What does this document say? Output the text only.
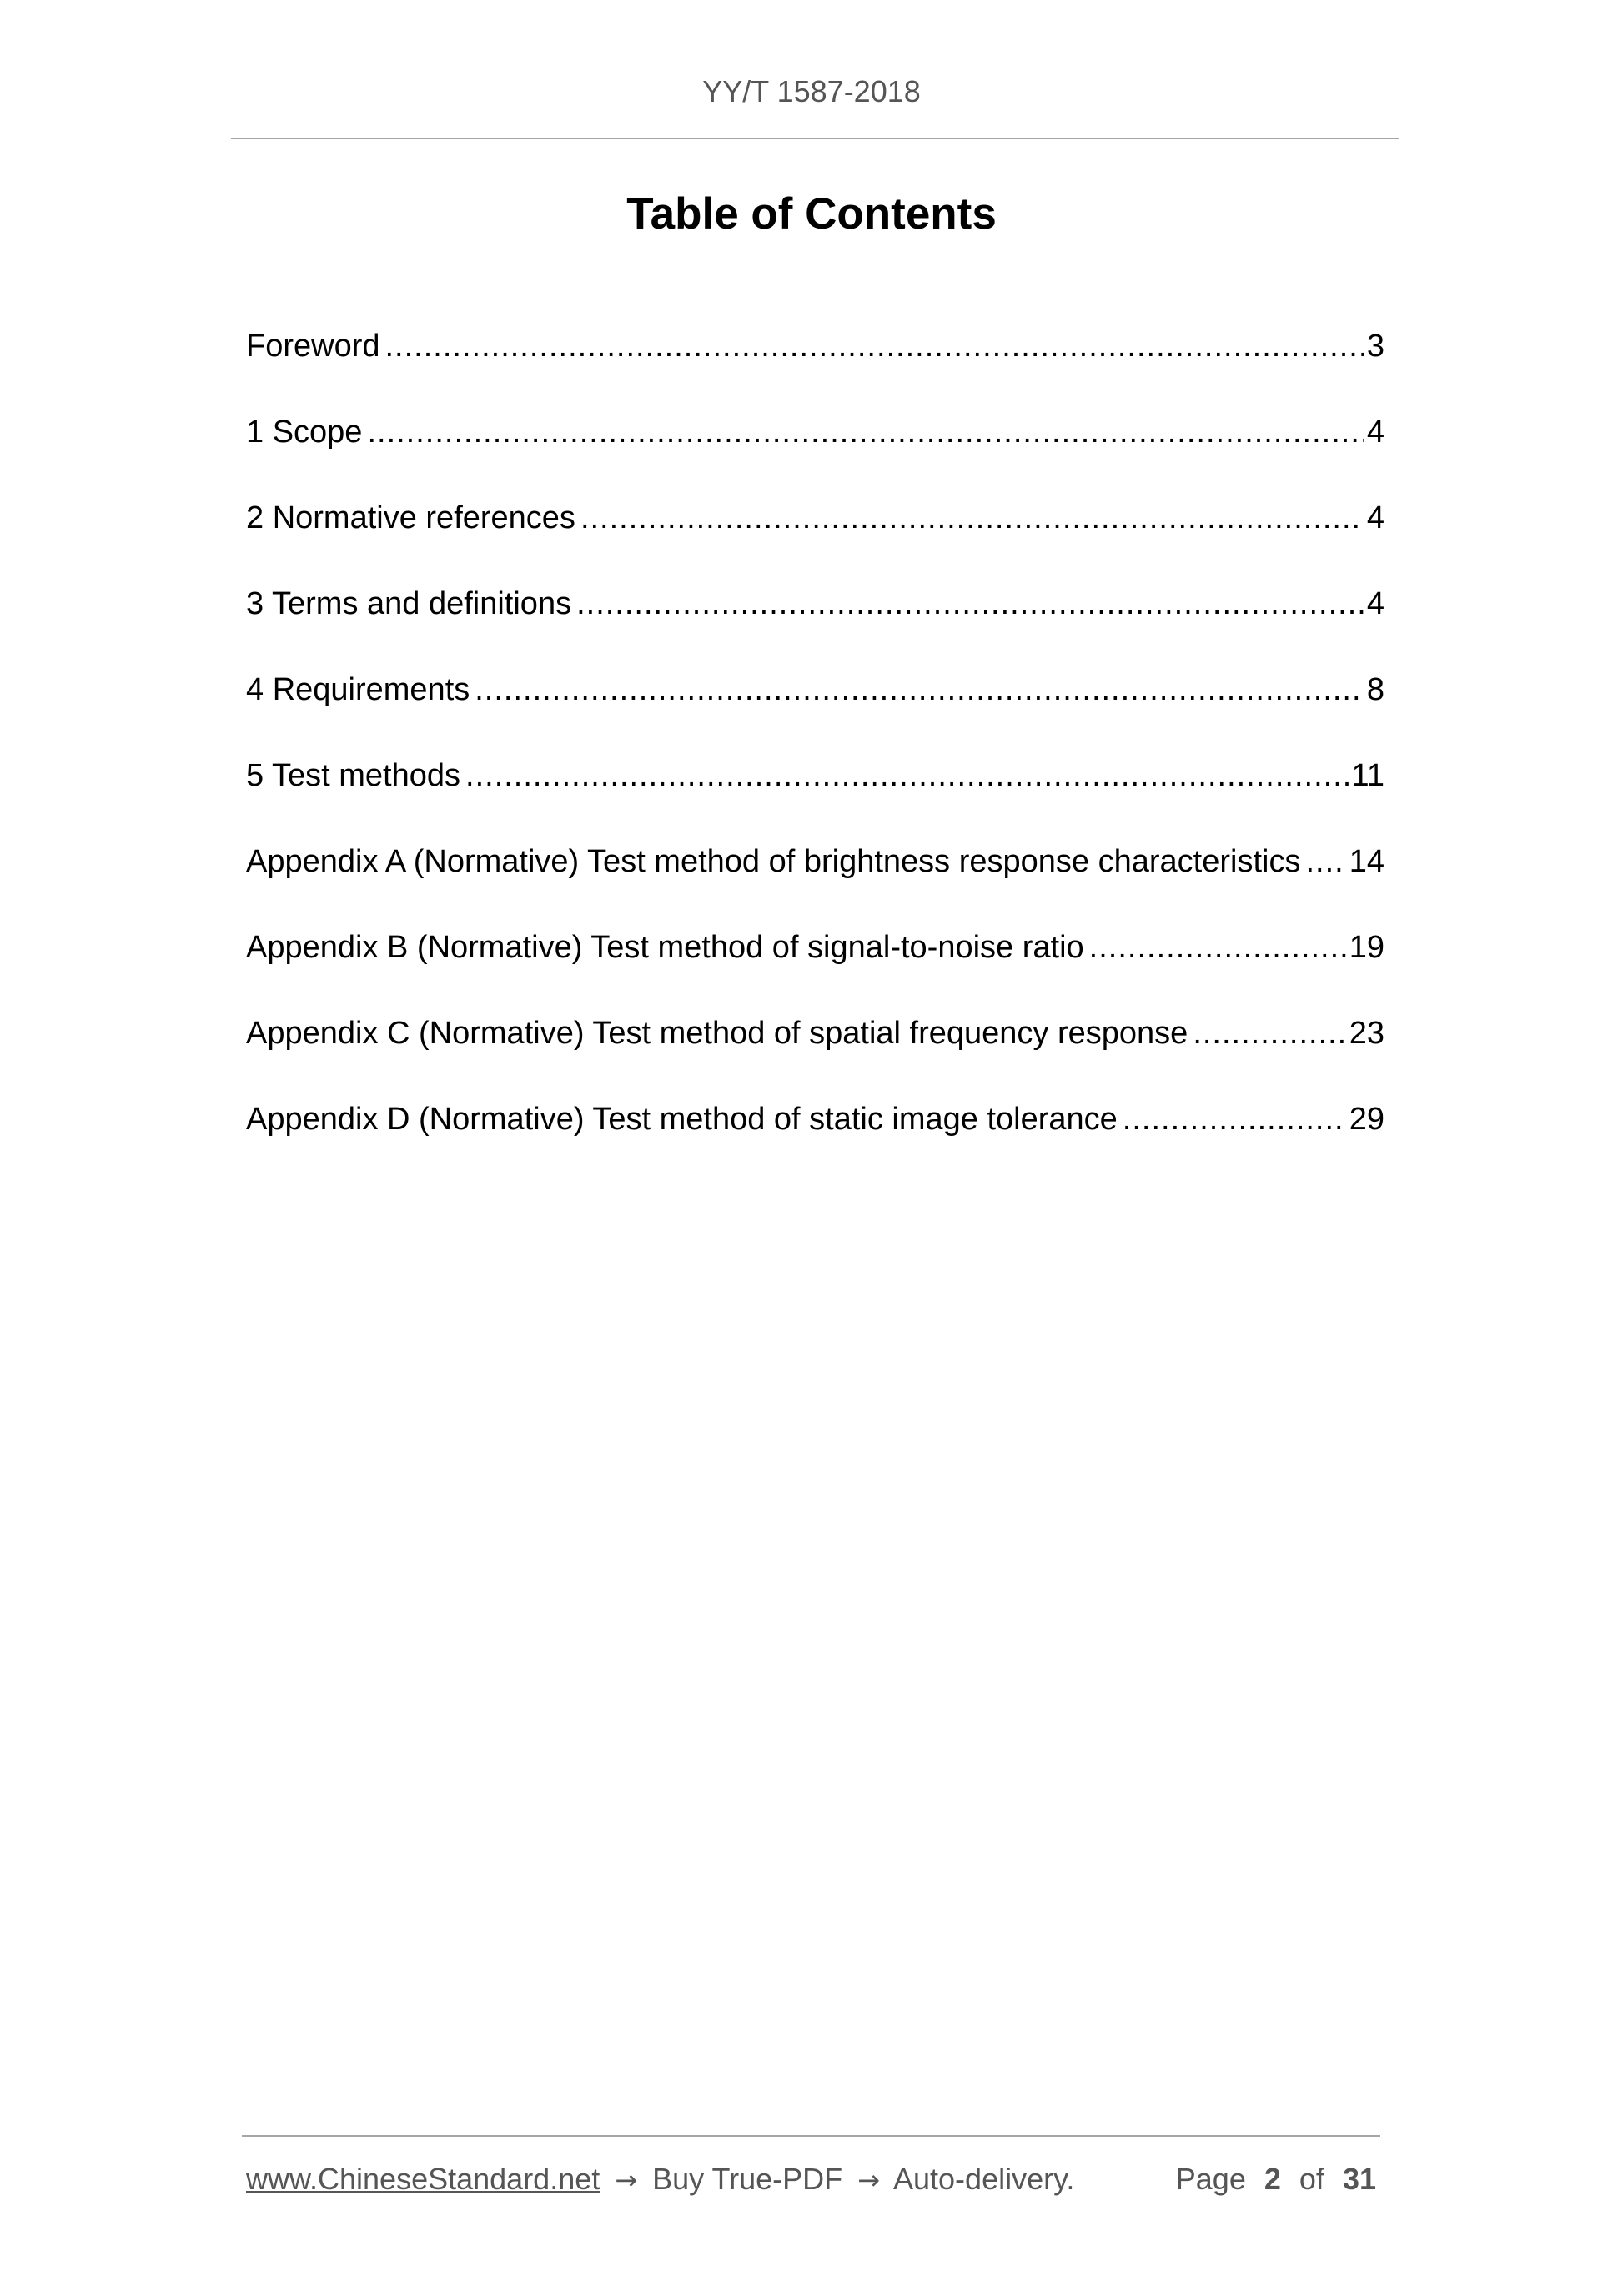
YY/T 1587-2018
Table of Contents
Foreword .....	3
1 Scope .....	4
2 Normative references .....	4
3 Terms and definitions .....	4
4 Requirements .....	8
5 Test methods .....	11
Appendix A (Normative) Test method of brightness response characteristics ..... 14
Appendix B (Normative) Test method of signal-to-noise ratio .....	19
Appendix C (Normative) Test method of spatial frequency response .....	23
Appendix D (Normative) Test method of static image tolerance .....	29
www.ChineseStandard.net → Buy True-PDF → Auto-delivery.	Page 2 of 31
